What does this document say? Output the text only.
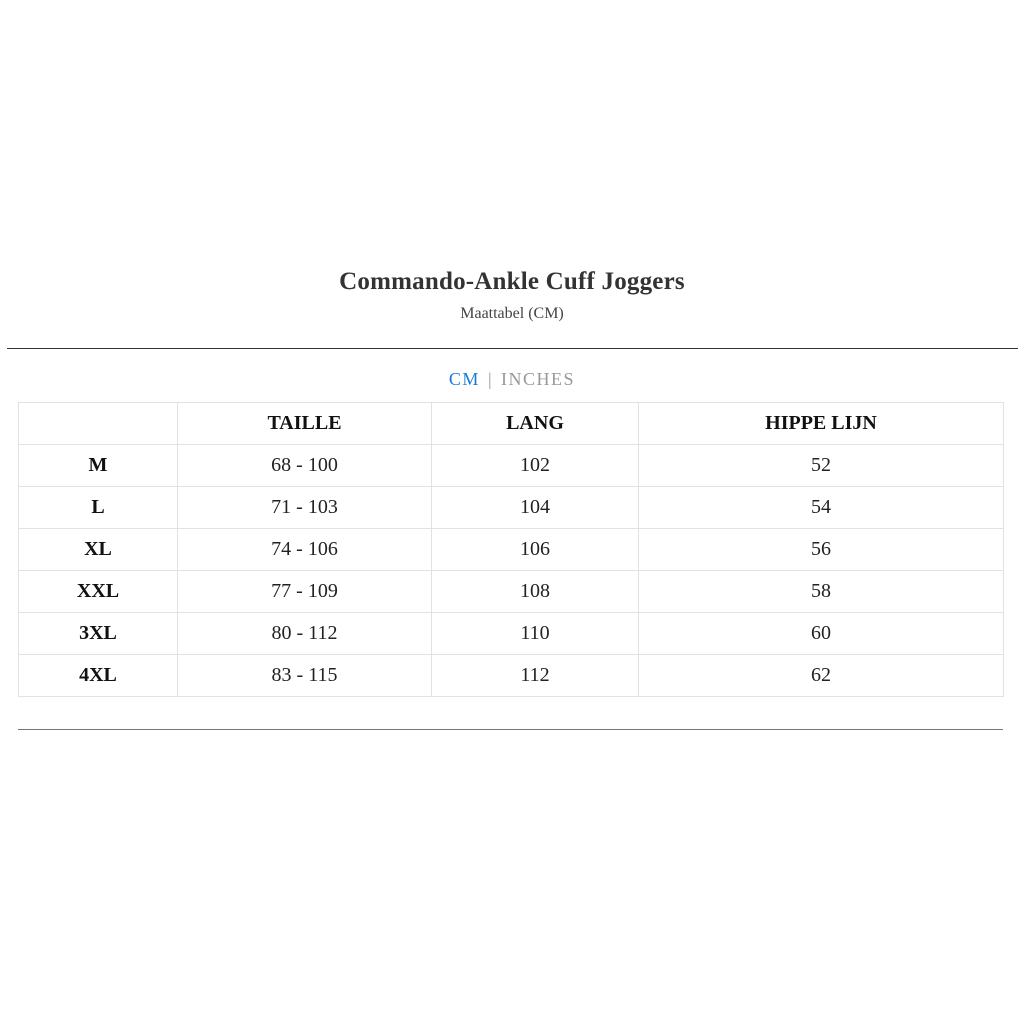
Commando-Ankle Cuff Joggers
Maattabel (CM)
CM | INCHES
	TAILLE	LANG	HIPPE LIJN
M	68 - 100	102	52
L	71 - 103	104	54
XL	74 - 106	106	56
XXL	77 - 109	108	58
3XL	80 - 112	110	60
4XL	83 - 115	112	62
